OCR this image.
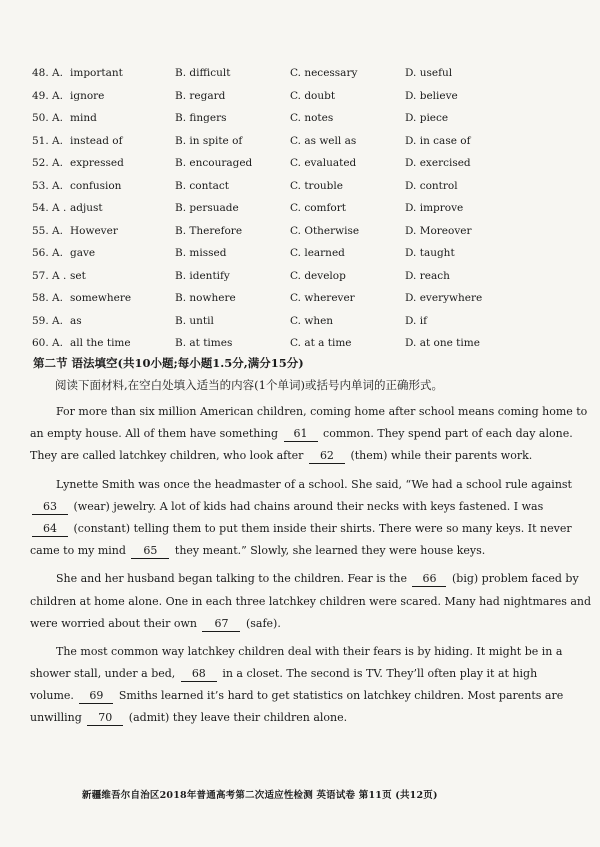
48. A. important	B. difficult	C. necessary	D. useful
49. A. ignore	B. regard	C. doubt	D. believe
50. A. mind	B. fingers	C. notes	D. piece
51. A. instead of	B. in spite of	C. as well as	D. in case of
52. A. expressed	B. encouraged	C. evaluated	D. exercised
53. A. confusion	B. contact	C. trouble	D. control
54. A . adjust	B. persuade	C. comfort	D. improve
55. A. However	B. Therefore	C. Otherwise	D. Moreover
56. A. gave	B. missed	C. learned	D. taught
57. A . set	B. identify	C. develop	D. reach
58. A. somewhere	B. nowhere	C. wherever	D. everywhere
59. A. as	B. until	C. when	D. if
60. A. all the time	B. at times	C. at a time	D. at one time
第二节 语法填空(共10小题;每小题1.5分,满分15分)
阅读下面材料,在空白处填入适当的内容(1个单词)或括号内单词的正确形式。
For more than six million American children, coming home after school means coming home to
an empty house. All of them have something 61 common. They spend part of each day alone.
They are called latchkey children, who look after 62 (them) while their parents work.
Lynette Smith was once the headmaster of a school. She said, “We had a school rule against
63 (wear) jewelry. A lot of kids had chains around their necks with keys fastened. I was
64 (constant) telling them to put them inside their shirts. There were so many keys. It never
came to my mind 65 they meant.” Slowly, she learned they were house keys.
She and her husband began talking to the children. Fear is the 66 (big) problem faced by
children at home alone. One in each three latchkey children were scared. Many had nightmares and
were worried about their own 67 (safe).
The most common way latchkey children deal with their fears is by hiding. It might be in a
shower stall, under a bed, 68 in a closet. The second is TV. They’ll often play it at high
volume. 69 Smiths learned it’s hard to get statistics on latchkey children. Most parents are
unwilling 70 (admit) they leave their children alone.
新疆维吾尔自治区2018年普通高考第二次适应性检测 英语试卷 第11页 (共12页)
